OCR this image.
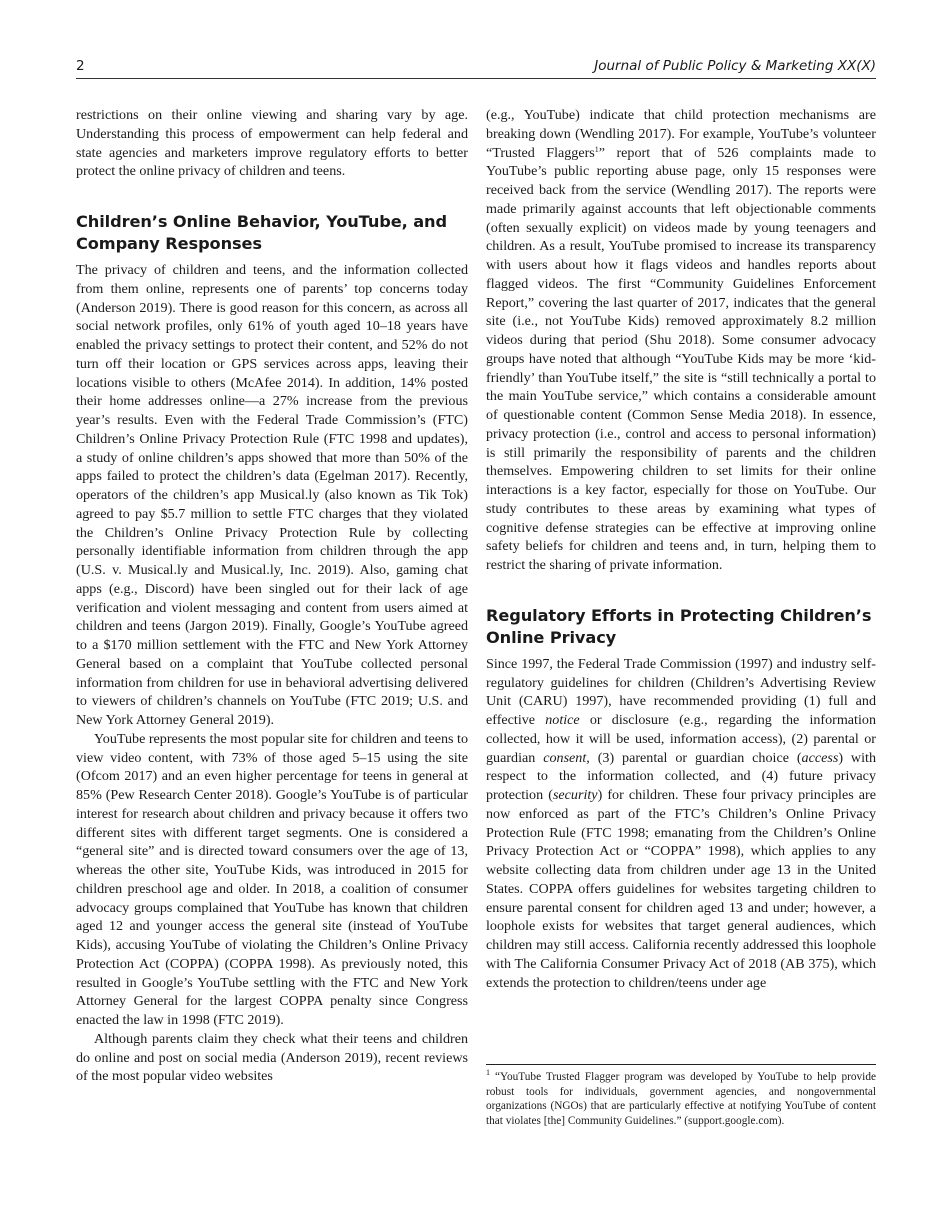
2	Journal of Public Policy & Marketing XX(X)

restrictions on their online viewing and sharing vary by age. Understanding this process of empowerment can help federal and state agencies and marketers improve regulatory efforts to better protect the online privacy of children and teens.

Children’s Online Behavior, YouTube, and Company Responses

The privacy of children and teens, and the information collected from them online, represents one of parents’ top concerns today (Anderson 2019). There is good reason for this concern, as across all social network profiles, only 61% of youth aged 10–18 years have enabled the privacy settings to protect their content, and 52% do not turn off their location or GPS services across apps, leaving their locations visible to others (McAfee 2014). In addition, 14% posted their home addresses online—a 27% increase from the previous year’s results. Even with the Federal Trade Commission’s (FTC) Children’s Online Privacy Protection Rule (FTC 1998 and updates), a study of online children’s apps showed that more than 50% of the apps failed to protect the children’s data (Egelman 2017). Recently, operators of the children’s app Musical.ly (also known as Tik Tok) agreed to pay $5.7 million to settle FTC charges that they violated the Children’s Online Privacy Protection Rule by collecting personally identifiable information from children through the app (U.S. v. Musical.ly and Musical.ly, Inc. 2019). Also, gaming chat apps (e.g., Discord) have been singled out for their lack of age verification and violent messaging and content from users aimed at children and teens (Jargon 2019). Finally, Google’s YouTube agreed to a $170 million settlement with the FTC and New York Attorney General based on a complaint that YouTube collected personal information from children for use in behavioral advertising delivered to viewers of children’s channels on YouTube (FTC 2019; U.S. and New York Attorney General 2019).

YouTube represents the most popular site for children and teens to view video content, with 73% of those aged 5–15 using the site (Ofcom 2017) and an even higher percentage for teens in general at 85% (Pew Research Center 2018). Google’s YouTube is of particular interest for research about children and privacy because it offers two different sites with different target segments. One is considered a “general site” and is directed toward consumers over the age of 13, whereas the other site, YouTube Kids, was introduced in 2015 for children preschool age and older. In 2018, a coalition of consumer advocacy groups complained that YouTube has known that children aged 12 and younger access the general site (instead of YouTube Kids), accusing YouTube of violating the Children’s Online Privacy Protection Act (COPPA) (COPPA 1998). As previously noted, this resulted in Google’s YouTube settling with the FTC and New York Attorney General for the largest COPPA penalty since Congress enacted the law in 1998 (FTC 2019).

Although parents claim they check what their teens and children do online and post on social media (Anderson 2019), recent reviews of the most popular video websites

(e.g., YouTube) indicate that child protection mechanisms are breaking down (Wendling 2017). For example, YouTube’s volunteer “Trusted Flaggers$^1$” report that of 526 complaints made to YouTube’s public reporting abuse page, only 15 responses were received back from the service (Wendling 2017). The reports were made primarily against accounts that left objectionable comments (often sexually explicit) on videos made by young teenagers and children. As a result, YouTube promised to increase its transparency with users about how it flags videos and handles reports about flagged videos. The first “Community Guidelines Enforcement Report,” covering the last quarter of 2017, indicates that the general site (i.e., not YouTube Kids) removed approximately 8.2 million videos during that period (Shu 2018). Some consumer advocacy groups have noted that although “YouTube Kids may be more ‘kid-friendly’ than YouTube itself,” the site is “still technically a portal to the main YouTube service,” which contains a considerable amount of questionable content (Common Sense Media 2018). In essence, privacy protection (i.e., control and access to personal information) is still primarily the responsibility of parents and the children themselves. Empowering children to set limits for their online interactions is a key factor, especially for those on YouTube. Our study contributes to these areas by examining what types of cognitive defense strategies can be effective at improving online safety beliefs for children and teens and, in turn, helping them to restrict the sharing of private information.

Regulatory Efforts in Protecting Children’s Online Privacy

Since 1997, the Federal Trade Commission (1997) and industry self-regulatory guidelines for children (Children’s Advertising Review Unit (CARU) 1997), have recommended providing (1) full and effective notice or disclosure (e.g., regarding the information collected, how it will be used, information access), (2) parental or guardian consent, (3) parental or guardian choice (access) with respect to the information collected, and (4) future privacy protection (security) for children. These four privacy principles are now enforced as part of the FTC’s Children’s Online Privacy Protection Rule (FTC 1998; emanating from the Children’s Online Privacy Protection Act or “COPPA” 1998), which applies to any website collecting data from children under age 13 in the United States. COPPA offers guidelines for websites targeting children to ensure parental consent for children aged 13 and under; however, a loophole exists for websites that target general audiences, which children may still access. California recently addressed this loophole with The California Consumer Privacy Act of 2018 (AB 375), which extends the protection to children/teens under age

$^1$ “YouTube Trusted Flagger program was developed by YouTube to help provide robust tools for individuals, government agencies, and nongovernmental organizations (NGOs) that are particularly effective at notifying YouTube of content that violates [the] Community Guidelines.” (support.google.com).
